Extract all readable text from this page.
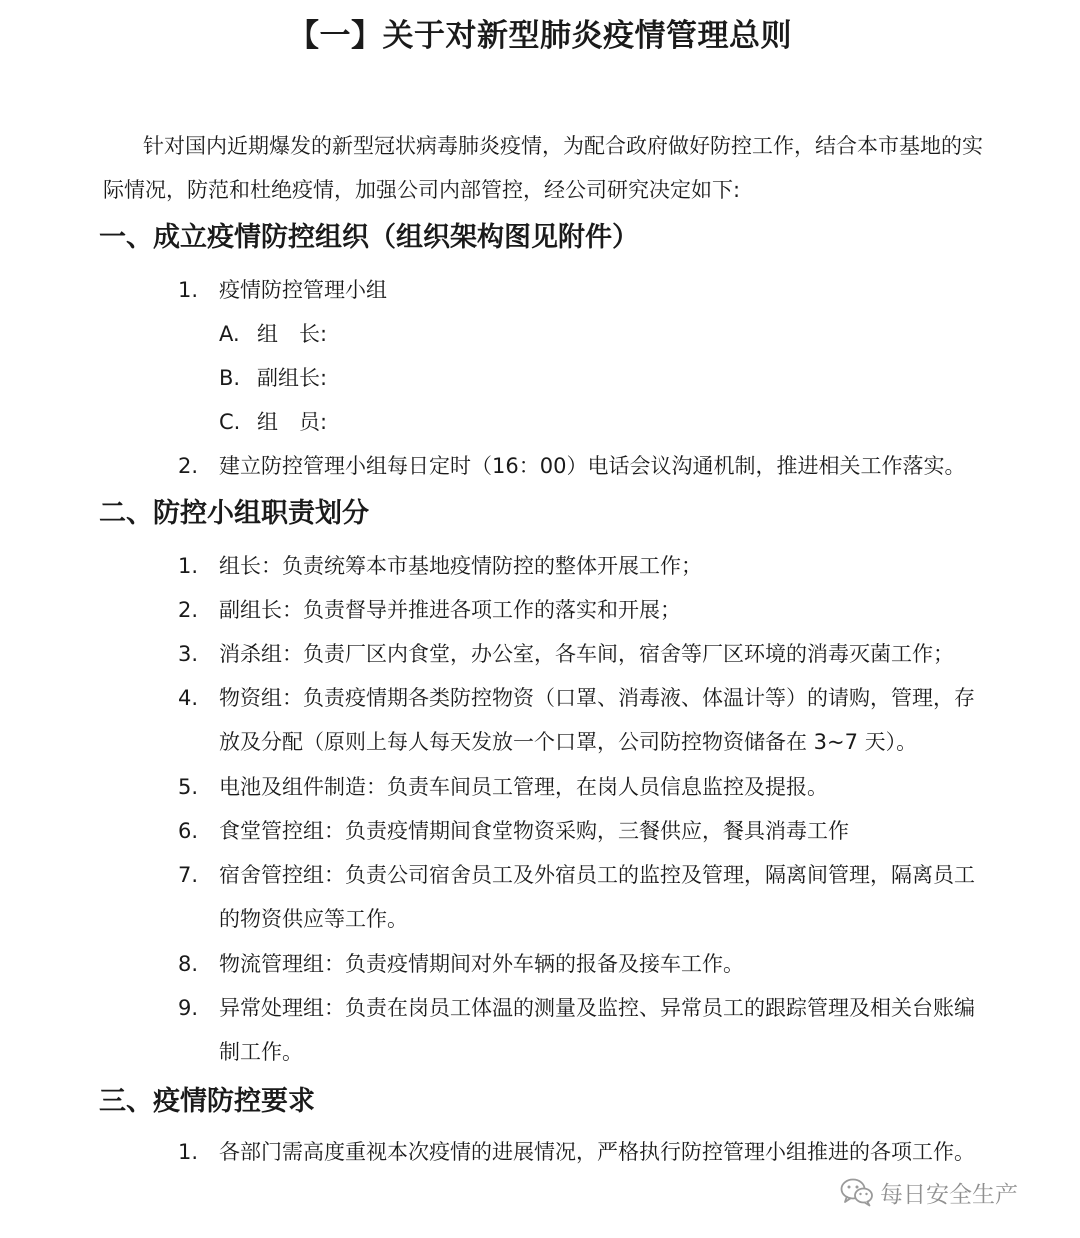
【一】关于对新型肺炎疫情管理总则
针对国内近期爆发的新型冠状病毒肺炎疫情，为配合政府做好防控工作，结合本市基地的实际情况，防范和杜绝疫情，加强公司内部管控，经公司研究决定如下:
一、成立疫情防控组织（组织架构图见附件）
1. 疫情防控管理小组
A. 组　长:
B. 副组长:
C. 组　员:
2. 建立防控管理小组每日定时（16：00）电话会议沟通机制，推进相关工作落实。
二、防控小组职责划分
1. 组长：负责统筹本市基地疫情防控的整体开展工作；
2. 副组长：负责督导并推进各项工作的落实和开展；
3. 消杀组：负责厂区内食堂，办公室，各车间，宿舍等厂区环境的消毒灭菌工作；
4. 物资组：负责疫情期各类防控物资（口罩、消毒液、体温计等）的请购，管理，存放及分配（原则上每人每天发放一个口罩，公司防控物资储备在 3~7 天）。
5. 电池及组件制造：负责车间员工管理，在岗人员信息监控及提报。
6. 食堂管控组：负责疫情期间食堂物资采购，三餐供应，餐具消毒工作
7. 宿舍管控组：负责公司宿舍员工及外宿员工的监控及管理，隔离间管理，隔离员工的物资供应等工作。
8. 物流管理组：负责疫情期间对外车辆的报备及接车工作。
9. 异常处理组：负责在岗员工体温的测量及监控、异常员工的跟踪管理及相关台账编制工作。
三、疫情防控要求
1. 各部门需高度重视本次疫情的进展情况，严格执行防控管理小组推进的各项工作。
每日安全生产
